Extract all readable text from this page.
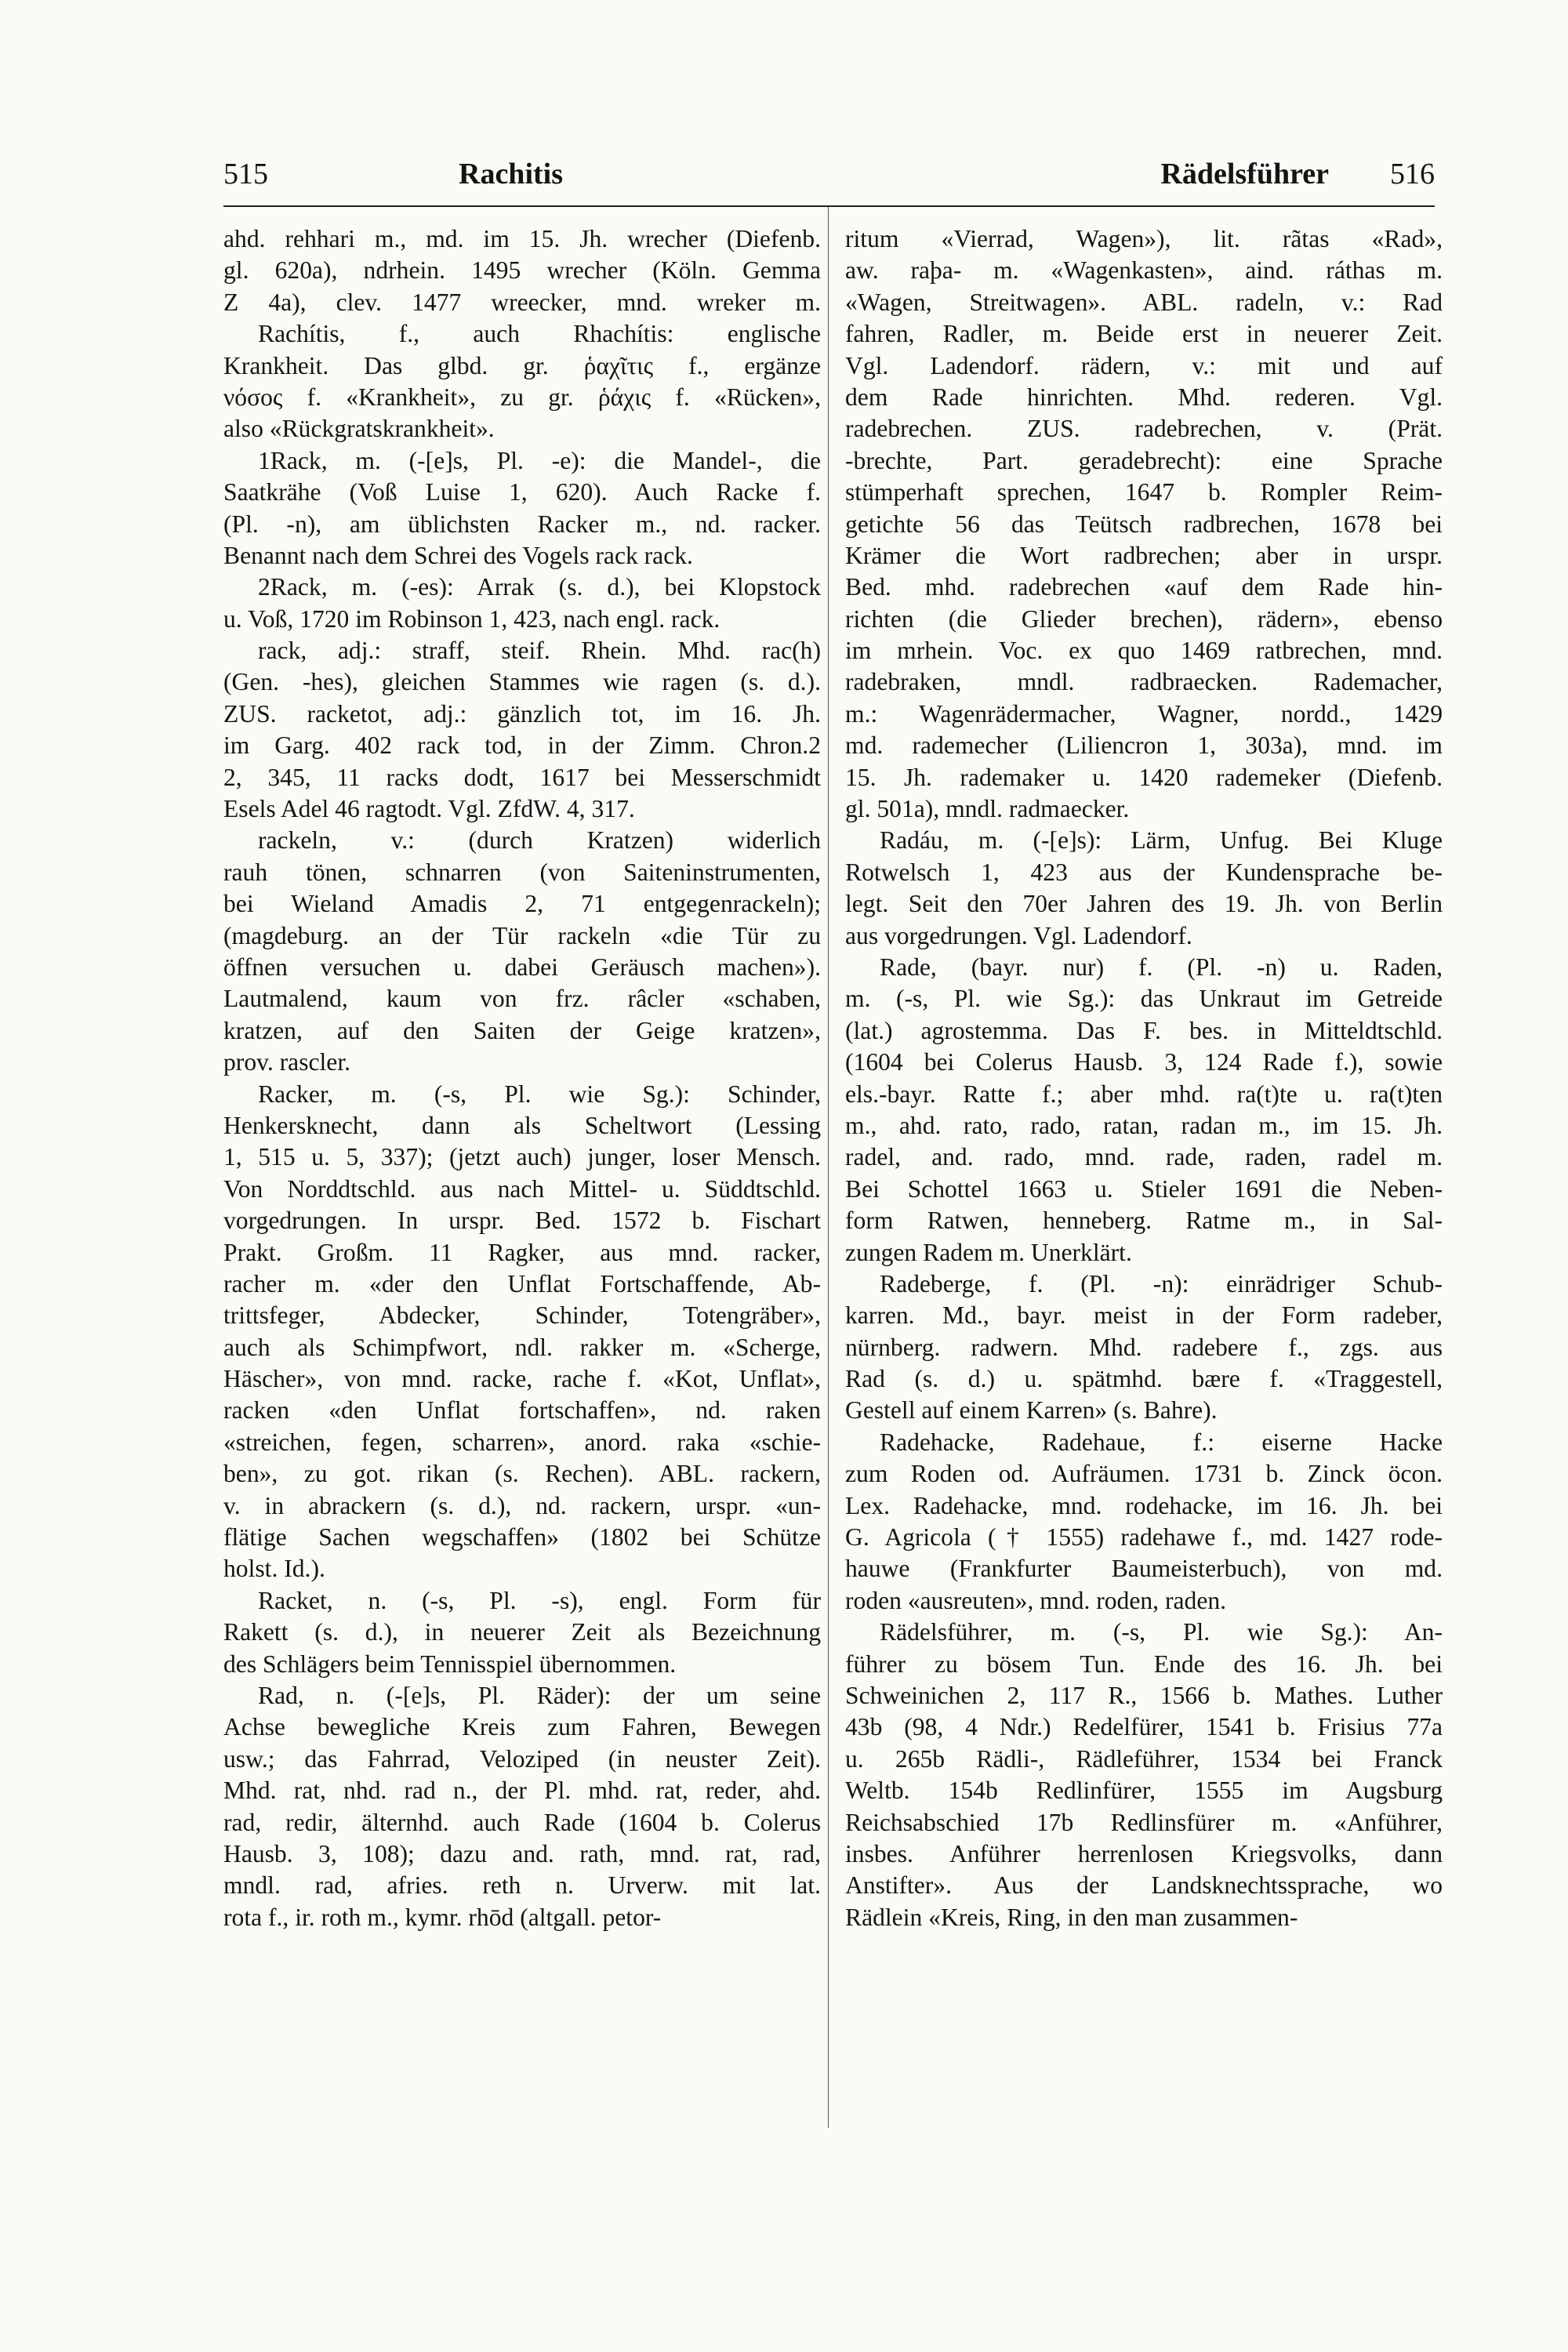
515	Rachitis	Rädelsführer 516
ahd. rehhari m., md. im 15. Jh. wrecher (Diefenb.
gl. 620a), ndrhein. 1495 wrecher (Köln. Gemma
Z 4a), clev. 1477 wreecker, mnd. wreker m.
Rachítis, f., auch Rhachítis: englische
Krankheit. Das glbd. gr. ῥαχῖτις f., ergänze
νόσος f. «Krankheit», zu gr. ῥάχις f. «Rücken»,
also «Rückgratskrankheit».
1Rack, m. (-[e]s, Pl. -e): die Mandel-, die
Saatkrähe (Voß Luise 1, 620). Auch Racke f.
(Pl. -n), am üblichsten Racker m., nd. racker.
Benannt nach dem Schrei des Vogels rack rack.
2Rack, m. (-es): Arrak (s. d.), bei Klopstock
u. Voß, 1720 im Robinson 1, 423, nach engl. rack.
rack, adj.: straff, steif. Rhein. Mhd. rac(h)
(Gen. -hes), gleichen Stammes wie ragen (s. d.).
ZUS. racketot, adj.: gänzlich tot, im 16. Jh.
im Garg. 402 rack tod, in der Zimm. Chron.2
2, 345, 11 racks dodt, 1617 bei Messerschmidt
Esels Adel 46 ragtodt. Vgl. ZfdW. 4, 317.
rackeln, v.: (durch Kratzen) widerlich
rauh tönen, schnarren (von Saiteninstrumenten,
bei Wieland Amadis 2, 71 entgegenrackeln);
(magdeburg. an der Tür rackeln «die Tür zu
öffnen versuchen u. dabei Geräusch machen»).
Lautmalend, kaum von frz. râcler «schaben,
kratzen, auf den Saiten der Geige kratzen»,
prov. rascler.
Racker, m. (-s, Pl. wie Sg.): Schinder,
Henkersknecht, dann als Scheltwort (Lessing
1, 515 u. 5, 337); (jetzt auch) junger, loser Mensch.
Von Norddtschld. aus nach Mittel- u. Süddtschld.
vorgedrungen. In urspr. Bed. 1572 b. Fischart
Prakt. Großm. 11 Ragker, aus mnd. racker,
racher m. «der den Unflat Fortschaffende, Ab-
trittsfeger, Abdecker, Schinder, Totengräber»,
auch als Schimpfwort, ndl. rakker m. «Scherge,
Häscher», von mnd. racke, rache f. «Kot, Unflat»,
racken «den Unflat fortschaffen», nd. raken
«streichen, fegen, scharren», anord. raka «schie-
ben», zu got. rikan (s. Rechen). ABL. rackern,
v. in abrackern (s. d.), nd. rackern, urspr. «un-
flätige Sachen wegschaffen» (1802 bei Schütze
holst. Id.).
Racket, n. (-s, Pl. -s), engl. Form für
Rakett (s. d.), in neuerer Zeit als Bezeichnung
des Schlägers beim Tennisspiel übernommen.
Rad, n. (-[e]s, Pl. Räder): der um seine
Achse bewegliche Kreis zum Fahren, Bewegen
usw.; das Fahrrad, Veloziped (in neuster Zeit).
Mhd. rat, nhd. rad n., der Pl. mhd. rat, reder, ahd.
rad, redir, älternhd. auch Rade (1604 b. Colerus
Hausb. 3, 108); dazu and. rath, mnd. rat, rad,
mndl. rad, afries. reth n. Urverw. mit lat.
rota f., ir. roth m., kymr. rhōd (altgall. petor-
ritum «Vierrad, Wagen»), lit. rãtas «Rad»,
aw. raþa- m. «Wagenkasten», aind. ráthas m.
«Wagen, Streitwagen». ABL. radeln, v.: Rad
fahren, Radler, m. Beide erst in neuerer Zeit.
Vgl. Ladendorf. rädern, v.: mit und auf
dem Rade hinrichten. Mhd. rederen. Vgl.
radebrechen. ZUS. radebrechen, v. (Prät.
-brechte, Part. geradebrecht): eine Sprache
stümperhaft sprechen, 1647 b. Rompler Reim-
getichte 56 das Teütsch radbrechen, 1678 bei
Krämer die Wort radbrechen; aber in urspr.
Bed. mhd. radebrechen «auf dem Rade hin-
richten (die Glieder brechen), rädern», ebenso
im mrhein. Voc. ex quo 1469 ratbrechen, mnd.
radebraken, mndl. radbraecken. Rademacher,
m.: Wagenrädermacher, Wagner, nordd., 1429
md. rademecher (Liliencron 1, 303a), mnd. im
15. Jh. rademaker u. 1420 rademeker (Diefenb.
gl. 501a), mndl. radmaecker.
Radáu, m. (-[e]s): Lärm, Unfug. Bei Kluge
Rotwelsch 1, 423 aus der Kundensprache be-
legt. Seit den 70er Jahren des 19. Jh. von Berlin
aus vorgedrungen. Vgl. Ladendorf.
Rade, (bayr. nur) f. (Pl. -n) u. Raden,
m. (-s, Pl. wie Sg.): das Unkraut im Getreide
(lat.) agrostemma. Das F. bes. in Mitteldtschld.
(1604 bei Colerus Hausb. 3, 124 Rade f.), sowie
els.-bayr. Ratte f.; aber mhd. ra(t)te u. ra(t)ten
m., ahd. rato, rado, ratan, radan m., im 15. Jh.
radel, and. rado, mnd. rade, raden, radel m.
Bei Schottel 1663 u. Stieler 1691 die Neben-
form Ratwen, henneberg. Ratme m., in Sal-
zungen Radem m. Unerklärt.
Radeberge, f. (Pl. -n): einrädriger Schub-
karren. Md., bayr. meist in der Form radeber,
nürnberg. radwern. Mhd. radebere f., zgs. aus
Rad (s. d.) u. spätmhd. bære f. «Traggestell,
Gestell auf einem Karren» (s. Bahre).
Radehacke, Radehaue, f.: eiserne Hacke
zum Roden od. Aufräumen. 1731 b. Zinck öcon.
Lex. Radehacke, mnd. rodehacke, im 16. Jh. bei
G. Agricola († 1555) radehawe f., md. 1427 rode-
hauwe (Frankfurter Baumeisterbuch), von md.
roden «ausreuten», mnd. roden, raden.
Rädelsführer, m. (-s, Pl. wie Sg.): An-
führer zu bösem Tun. Ende des 16. Jh. bei
Schweinichen 2, 117 R., 1566 b. Mathes. Luther
43b (98, 4 Ndr.) Redelfürer, 1541 b. Frisius 77a
u. 265b Rädli-, Rädleführer, 1534 bei Franck
Weltb. 154b Redlinfürer, 1555 im Augsburg
Reichsabschied 17b Redlinsfürer m. «Anführer,
insbes. Anführer herrenlosen Kriegsvolks, dann
Anstifter». Aus der Landsknechtssprache, wo
Rädlein «Kreis, Ring, in den man zusammen-
